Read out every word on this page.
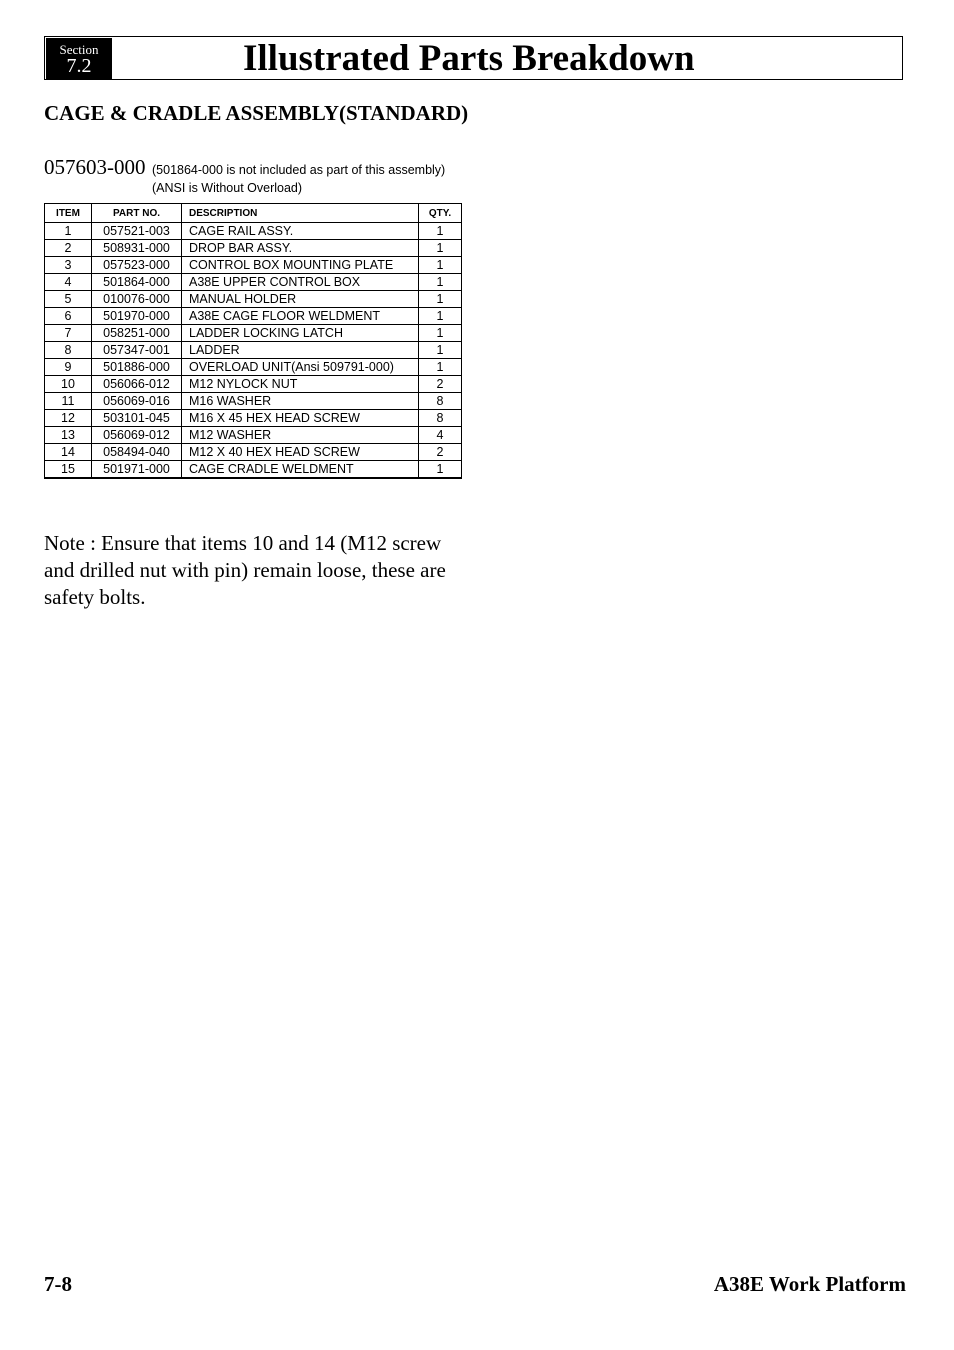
Section
7.2	Illustrated Parts Breakdown
CAGE & CRADLE ASSEMBLY(STANDARD)
057603-000 (501864-000 is not included as part of this assembly)
(ANSI is Without Overload)
ITEM	PART NO.	DESCRIPTION	QTY.
1	057521-003	CAGE RAIL ASSY.	1
2	508931-000	DROP BAR ASSY.	1
3	057523-000	CONTROL BOX MOUNTING PLATE	1
4	501864-000	A38E UPPER CONTROL BOX	1
5	010076-000	MANUAL HOLDER	1
6	501970-000	A38E CAGE FLOOR WELDMENT	1
7	058251-000	LADDER LOCKING LATCH	1
8	057347-001	LADDER	1
9	501886-000	OVERLOAD UNIT(Ansi 509791-000)	1
10	056066-012	M12 NYLOCK NUT	2
11	056069-016	M16 WASHER	8
12	503101-045	M16 X 45 HEX HEAD SCREW	8
13	056069-012	M12 WASHER	4
14	058494-040	M12 X 40 HEX HEAD SCREW	2
15	501971-000	CAGE CRADLE WELDMENT	1
Note : Ensure that items 10 and 14 (M12 screw and drilled nut with pin) remain loose, these are safety bolts.
7-8	A38E Work Platform
